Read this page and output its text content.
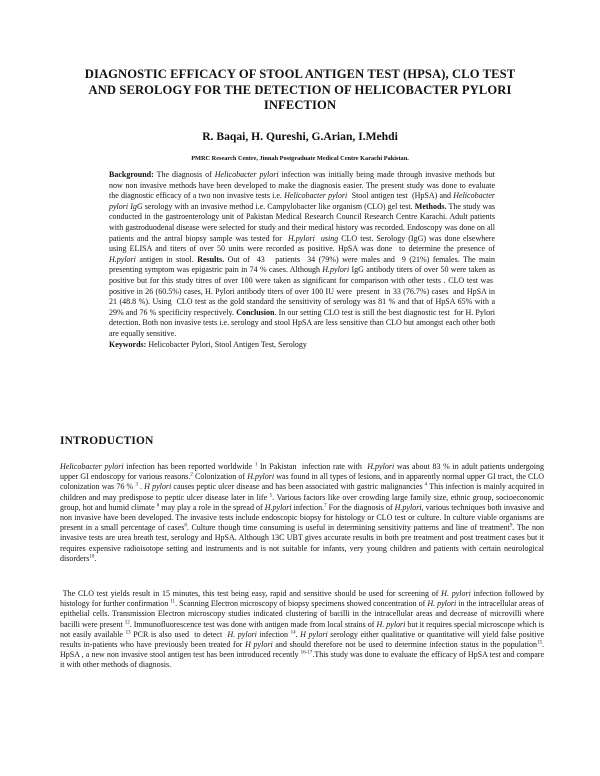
DIAGNOSTIC EFFICACY OF STOOL ANTIGEN TEST (HPSA), CLO TEST AND SEROLOGY FOR THE DETECTION OF HELICOBACTER PYLORI INFECTION
R. Baqai, H. Qureshi, G.Arian, I.Mehdi
PMRC Research Centre, Jinnah Postgraduate Medical Centre Karachi Pakistan.
Background: The diagnosis of Helicobacter pylori infection was initially being made through invasive methods but now non invasive methods have been developed to make the diagnosis easier. The present study was done to evaluate the diagnostic efficacy of a two non invasive tests i.e. Helicobacter pylori  Stool antigen test  (HpSA) and Helicobacter pylori IgG serology with an invasive method i.e. Campylobacter like organism (CLO) gel test. Methods. The study was conducted in the gastroenterology unit of Pakistan Medical Research Council Research Centre Karachi. Adult patients with gastroduodenal disease were selected for study and their medical history was recorded. Endoscopy was done on all patients and the antral biopsy sample was tested for  H.pylori using CLO test. Serology (IgG) was done elsewhere using ELISA and titers of over 50 units were recorded as positive. HpSA was done  to determine the presence of H.pylori antigen in stool. Results. Out of  43   patients  34 (79%) were males and  9 (21%) females. The main presenting symptom was epigastric pain in 74 % cases. Although H.pylori IgG antibody titers of over 50 were taken as positive but for this study titres of over 100 were taken as significant for comparison with other tests . CLO test was  positive in 26 (60.5%) cases, H. Pylori antibody titers of over 100 IU were  present  in 33 (76.7%) cases  and HpSA in 21 (48.8 %). Using  CLO test as the gold standard the sensitivity of serology was 81 % and that of HpSA 65% with a 29% and 76 % specificity respectively. Conclusion. In our setting CLO test is still the best diagnostic test  for H. Pylori detection. Both non invasive tests i.e. serology and stool HpSA are less sensitive than CLO but amongst each other both are equally sensitive.
Keywords: Helicobacter Pylori, Stool Antigen Test, Serology
INTRODUCTION
Helicobacter pylori infection has been reported worldwide $^1$ In Pakistan  infection rate with  H.pylori was about 83 % in adult patients undergoing upper GI endoscopy for various reasons.$^2$ Colonization of H.pylori was found in all types of lesions, and in apparently normal upper GI tract, the CLO colonization was 76 % $^3$ . H pylori causes peptic ulcer disease and has been associated with gastric malignancies $^4$ This infection is mainly acquired in children and may predispose to peptic ulcer disease later in life $^5$. Various factors like over crowding large family size, ethnic group, socioeconomic group, hot and humid climate $^6$ may play a role in the spread of H.pylori infection.$^7$ For the diagnosis of H.pylori, various techniques both invasive and non invasive have been developed. The invasive tests include endoscopic biopsy for histology or CLO test or culture. In culture viable organisms are present in a small percentage of cases$^8$. Culture though time consuming is useful in determining sensitivity patterns and line of treatment$^9$. The non invasive tests are urea breath test, serology and HpSA. Although 13C UBT gives accurate results in both pre treatment and post treatment cases but it requires expensive radioisotope setting and instruments and is not suitable for infants, very young children and patients with certain neurological disorders$^{10}$.
The CLO test yields result in 15 minutes, this test being easy, rapid and sensitive should be used for screening of H. pylori infection followed by histology for further confirmation $^{11}$. Scanning Electron microscopy of biopsy specimens showed concentration of H. pylori in the intracellular areas of epithelial cells. Transmission Electron microscopy studies indicated clustering of bacilli in the intracellular areas and decrease of microvilli where bacilli were present $^{12}$. Immunofluorescence test was done with antigen made from local strains of H. pylori but it requires special microscope which is not easily available $^{13}$ PCR is also used  to detect  H. pylori infection $^{14}$. H pylori serology either qualitative or quantitative will yield false positive results in-patients who have previously been treated for H pylori and should therefore not be used to determine infection status in the population$^{15}$. HpSA , a new non invasive stool antigen test has been introduced recently $^{16-17}$.This study was done to evaluate the efficacy of HpSA test and compare it with other methods of diagnosis.
